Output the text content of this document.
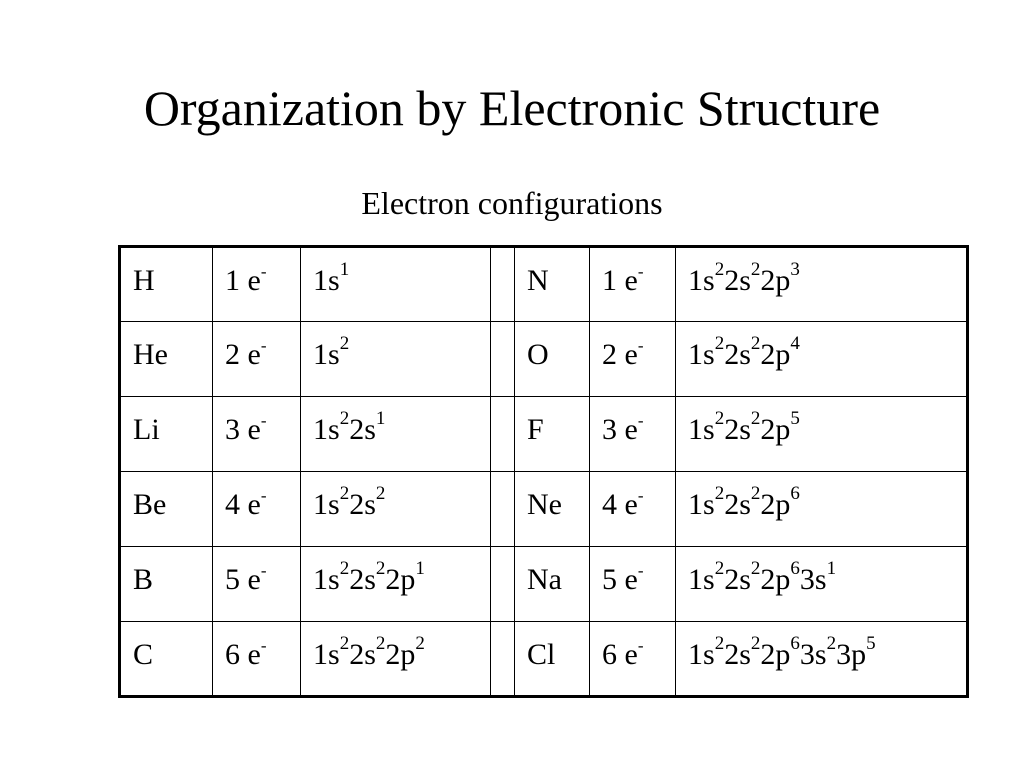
Organization by Electronic Structure
Electron configurations
H	1 e-	$1s^1$		N	1 e-	$1s^22s^22p^3$
He	2 e-	$1s^2$		O	2 e-	$1s^22s^22p^4$
Li	3 e-	$1s^22s^1$		F	3 e-	$1s^22s^22p^5$
Be	4 e-	$1s^22s^2$		Ne	4 e-	$1s^22s^22p^6$
B	5 e-	$1s^22s^22p^1$		Na	5 e-	$1s^22s^22p^63s^1$
C	6 e-	$1s^22s^22p^2$		Cl	6 e-	$1s^22s^22p^63s^23p^5$
